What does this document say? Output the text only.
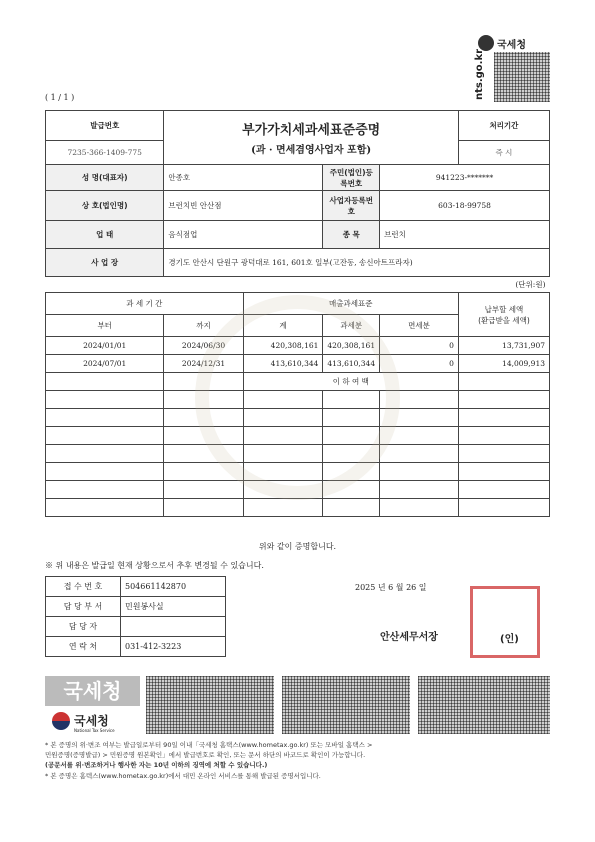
( 1 / 1 )
국세청
nts.go.kr
발급번호	부가가치세과세표준증명
(과 · 면세겸영사업자 포함)				처리기간
7235-366-1409-775					즉 시
성 명(대표자)	안종호		주민(법인)등록번호	941223-*******	
상 호(법인명)	브런치빈 안산점		사업자등록번호	603-18-99758	
업 태	음식점업		종 목	브런치	
사 업 장	경기도 안산시 단원구 광덕대로 161, 601호 일부(고잔동, 송신아트프라자)				
(단위:원)					
과 세 기 간		매출과세표준			납부할 세액
(환급받을 세액)

부터	까지	계	과세분	면세분	
2024/01/01	2024/06/30	420,308,161	420,308,161	0	13,731,907
2024/07/01	2024/12/31	413,610,344	413,610,344	0	14,009,913
		이 하 여 백			

위와 같이 증명합니다.
※ 위 내용은 발급일 현재 상황으로서 추후 변경될 수 있습니다.
2025 년 6 월 26 일
안산세무서장	(인)
접 수 번 호	504661142870
담 당 부 서	민원봉사실
담 당 자	
연 락 처	031-412-3223
국세청
국세청
National Tax Service
* 본 증명의 위·변조 여부는 발급일로부터 90일 이내「국세청 홈택스(www.hometax.go.kr) 또는 모바일 홈택스 >
민원증명(증명발급) > 민원증명 원본확인」에서 발급번호로 확인, 또는 문서 하단의 바코드로 확인이 가능합니다.
(공문서를 위·변조하거나 행사한 자는 10년 이하의 징역에 처할 수 있습니다.)
* 본 증명은 홈텍스(www.hometax.go.kr)에서 대민 온라인 서비스를 통해 발급된 증명서입니다.
